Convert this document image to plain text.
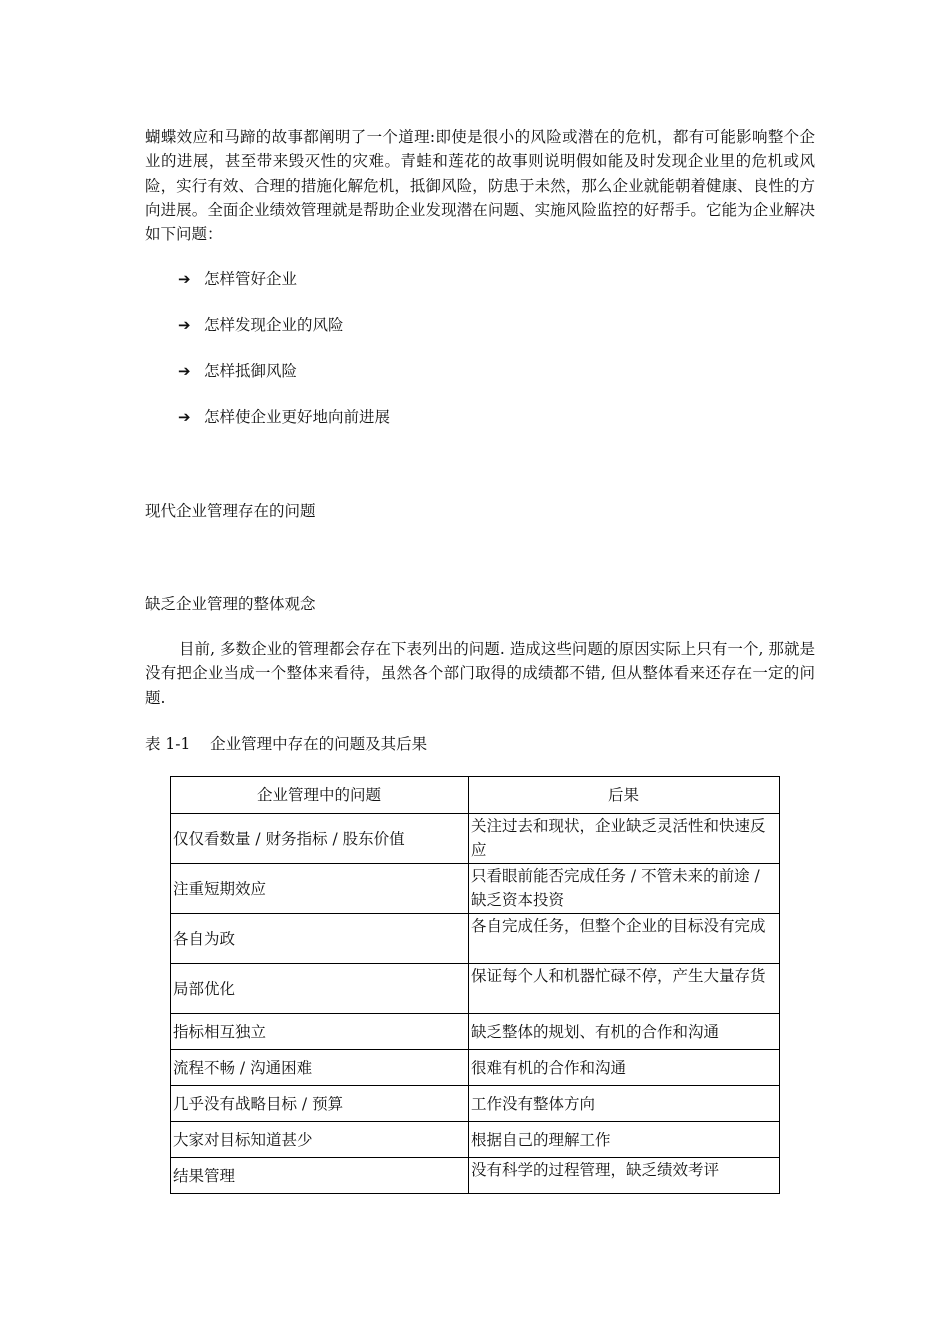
蝴蝶效应和马蹄的故事都阐明了一个道理:即使是很小的风险或潜在的危机，都有可能影响整个企业的进展，甚至带来毁灭性的灾难。青蛙和莲花的故事则说明假如能及时发现企业里的危机或风险，实行有效、合理的措施化解危机，抵御风险，防患于未然，那么企业就能朝着健康、良性的方向进展。全面企业绩效管理就是帮助企业发现潜在问题、实施风险监控的好帮手。它能为企业解决如下问题：

➔ 怎样管好企业
➔ 怎样发现企业的风险
➔ 怎样抵御风险
➔ 怎样使企业更好地向前进展

现代企业管理存在的问题

缺乏企业管理的整体观念

目前, 多数企业的管理都会存在下表列出的问题. 造成这些问题的原因实际上只有一个, 那就是没有把企业当成一个整体来看待，虽然各个部门取得的成绩都不错, 但从整体看来还存在一定的问题.

表 1-1    企业管理中存在的问题及其后果

企业管理中的问题	后果
仅仅看数量 / 财务指标 / 股东价值	关注过去和现状，企业缺乏灵活性和快速反应
注重短期效应	只看眼前能否完成任务 / 不管未来的前途 / 缺乏资本投资
各自为政	各自完成任务，但整个企业的目标没有完成
局部优化	保证每个人和机器忙碌不停，产生大量存货
指标相互独立	缺乏整体的规划、有机的合作和沟通
流程不畅 / 沟通困难	很难有机的合作和沟通
几乎没有战略目标 / 预算	工作没有整体方向
大家对目标知道甚少	根据自己的理解工作
结果管理	没有科学的过程管理，缺乏绩效考评
